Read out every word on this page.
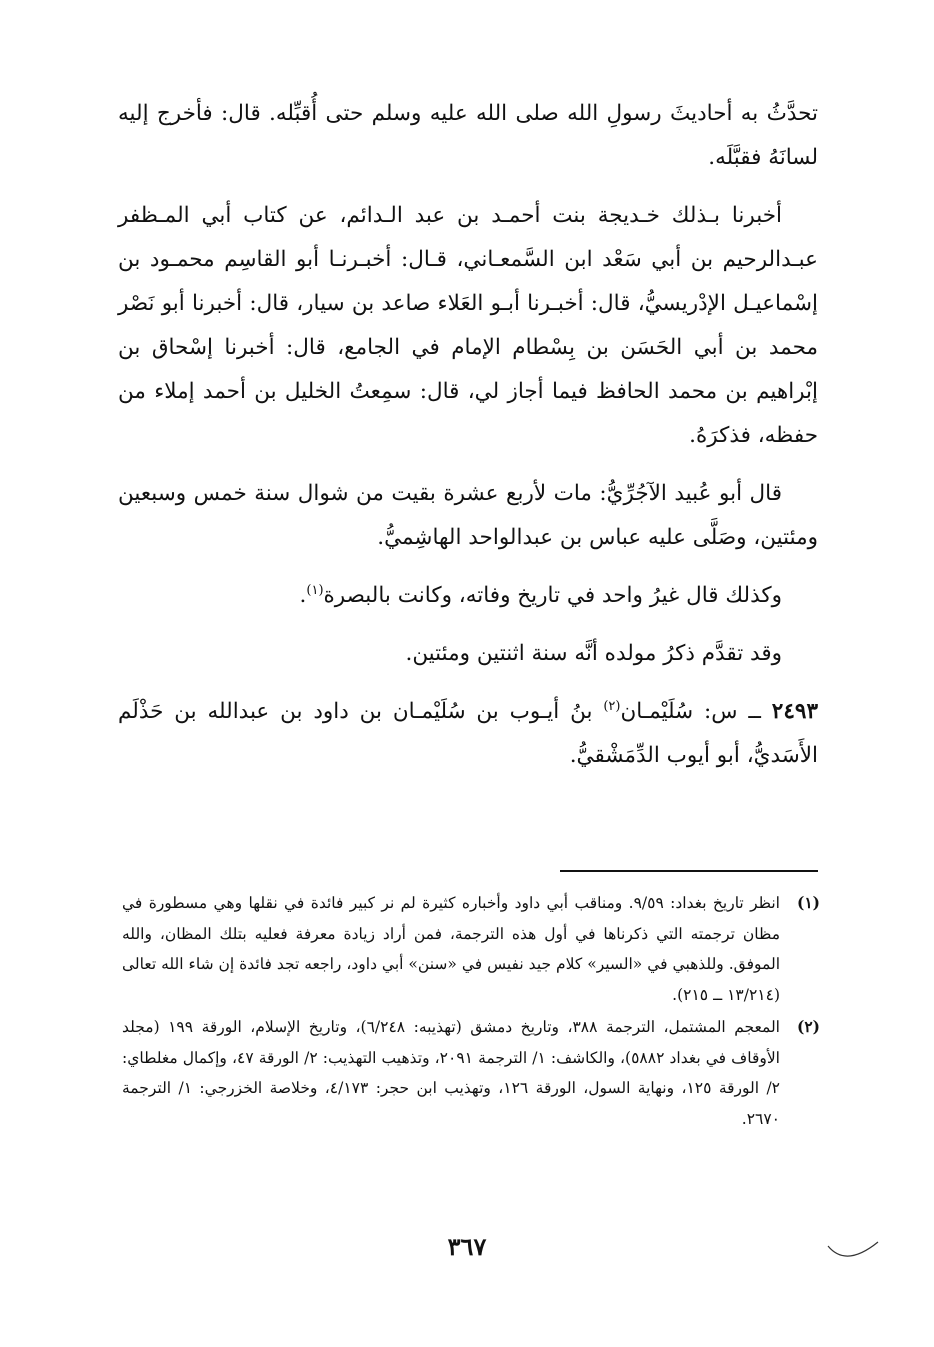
تحدَّثُ به أحاديثَ رسولِ الله صلى الله عليه وسلم حتى أُقبِّله. قال: فأخرج إليه لسانَهُ فقبَّلَه.

أخبرنا بـذلك خـديجة بنت أحمـد بن عبد الـدائم، عن كتاب أبي المـظفر عبـدالرحيم بن أبي سَعْد ابن السَّمعـاني، قـال: أخبـرنـا أبو القاسِم محمـود بن إسْماعيـل الإدْريسيُّ، قال: أخبـرنا أبـو العَلاء صاعد بن سيار، قال: أخبرنا أبو نَصْر محمد بن أبي الحَسَن بن بِسْطام الإمام في الجامع، قال: أخبرنا إسْحاق بن إبْراهيم بن محمد الحافظ فيما أجاز لي، قال: سمِعتُ الخليل بن أحمد إملاء من حفظه، فذكرَهُ.

قال أبو عُبيد الآجُرِّيُّ: مات لأربع عشرة بقيت من شوال سنة خمس وسبعين ومئتين، وصَلَّى عليه عباس بن عبدالواحد الهاشِميُّ.

وكذلك قال غيرُ واحد في تاريخ وفاته، وكانت بالبصرة$^{(١)}$.

وقد تقدَّم ذكرُ مولده أنَّه سنة اثنتين ومئتين.

٢٤٩٣ ــ س: سُلَيْمـان$^{(٢)}$ بنُ أيـوب بن سُلَيْمـان بن داود بن عبدالله بن حَذْلَم الأَسَديُّ، أبو أيوب الدِّمَشْقيُّ.

(١)
انظر تاريخ بغداد: ٩/٥٩. ومناقب أبي داود وأخباره كثيرة لم نر كبير فائدة في نقلها وهي مسطورة في مظان ترجمته التي ذكرناها في أول هذه الترجمة، فمن أراد زيادة معرفة فعليه بتلك المظان، والله الموفق. وللذهبي في «السير» كلام جيد نفيس في «سنن» أبي داود، راجعه تجد فائدة إن شاء الله تعالى (١٣/٢١٤ ــ ٢١٥).
(٢)
المعجم المشتمل، الترجمة ٣٨٨، وتاريخ دمشق (تهذيبه: ٦/٢٤٨)، وتاريخ الإسلام، الورقة ١٩٩ (مجلد الأوقاف في بغداد ٥٨٨٢)، والكاشف: ١/ الترجمة ٢٠٩١، وتذهيب التهذيب: ٢/ الورقة ٤٧، وإكمال مغلطاي: ٢/ الورقة ١٢٥، ونهاية السول، الورقة ١٢٦، وتهذيب ابن حجر: ٤/١٧٣، وخلاصة الخزرجي: ١/ الترجمة ٢٦٧٠.
٣٦٧
